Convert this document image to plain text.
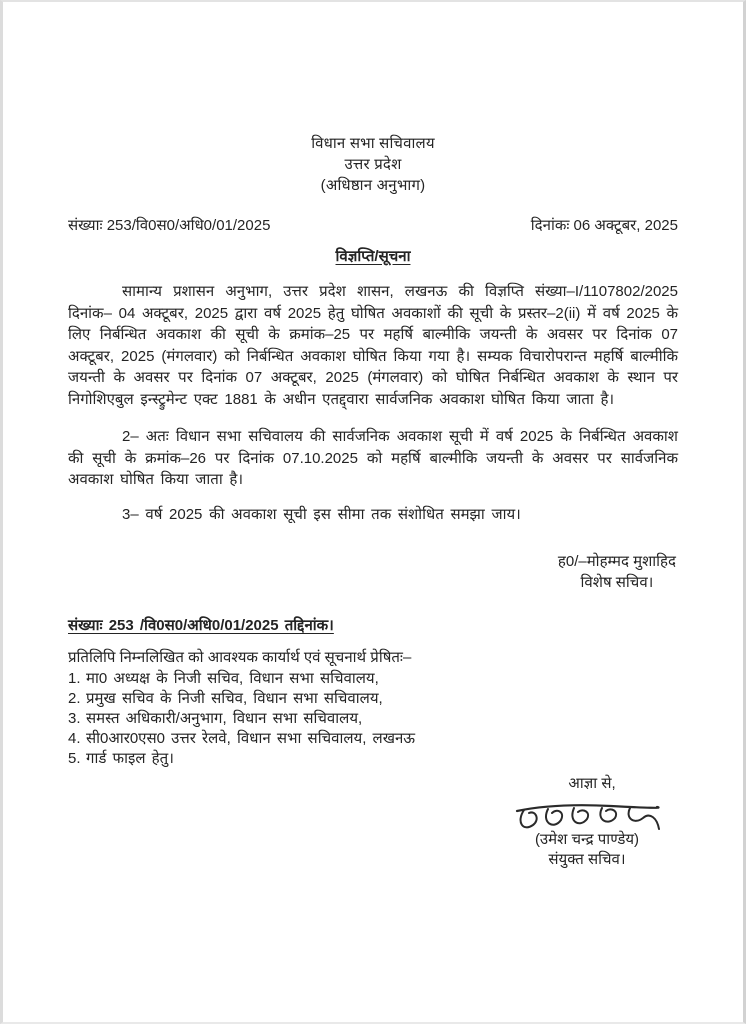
विधान सभा सचिवालय
उत्तर प्रदेश
(अधिष्ठान अनुभाग)
संख्याः 253/वि0स0/अधि0/01/2025	दिनांकः 06 अक्टूबर, 2025
विज्ञप्ति/सूचना

सामान्य प्रशासन अनुभाग, उत्तर प्रदेश शासन, लखनऊ की विज्ञप्ति संख्या–I/1107802/2025 दिनांक– 04 अक्टूबर, 2025 द्वारा वर्ष 2025 हेतु घोषित अवकाशों की सूची के प्रस्तर–2(ii) में वर्ष 2025 के लिए निर्बन्धित अवकाश की सूची के क्रमांक–25 पर महर्षि बाल्मीकि जयन्ती के अवसर पर दिनांक 07 अक्टूबर, 2025 (मंगलवार) को निर्बन्धित अवकाश घोषित किया गया है। सम्यक विचारोपरान्त महर्षि बाल्मीकि जयन्ती के अवसर पर दिनांक 07 अक्टूबर, 2025 (मंगलवार) को घोषित निर्बन्धित अवकाश के स्थान पर निगोशिएबुल इन्स्ट्रुमेन्ट एक्ट 1881 के अधीन एतद्द्वारा सार्वजनिक अवकाश घोषित किया जाता है।

2– अतः विधान सभा सचिवालय की सार्वजनिक अवकाश सूची में वर्ष 2025 के निर्बन्धित अवकाश की सूची के क्रमांक–26 पर दिनांक 07.10.2025 को महर्षि बाल्मीकि जयन्ती के अवसर पर सार्वजनिक अवकाश घोषित किया जाता है।

3– वर्ष 2025 की अवकाश सूची इस सीमा तक संशोधित समझा जाय।

ह0/–मोहम्मद मुशाहिद
विशेष सचिव।
संख्याः 253 /वि0स0/अधि0/01/2025 तद्दिनांक।
प्रतिलिपि निम्नलिखित को आवश्यक कार्यार्थ एवं सूचनार्थ प्रेषितः–
1. मा0 अध्यक्ष के निजी सचिव, विधान सभा सचिवालय,
2. प्रमुख सचिव के निजी सचिव, विधान सभा सचिवालय,
3. समस्त अधिकारी/अनुभाग, विधान सभा सचिवालय,
4. सी0आर0एस0 उत्तर रेलवे, विधान सभा सचिवालय, लखनऊ
5. गार्ड फाइल हेतु।
आज्ञा से,
(उमेश चन्द्र पाण्डेय)
संयुक्त सचिव।
